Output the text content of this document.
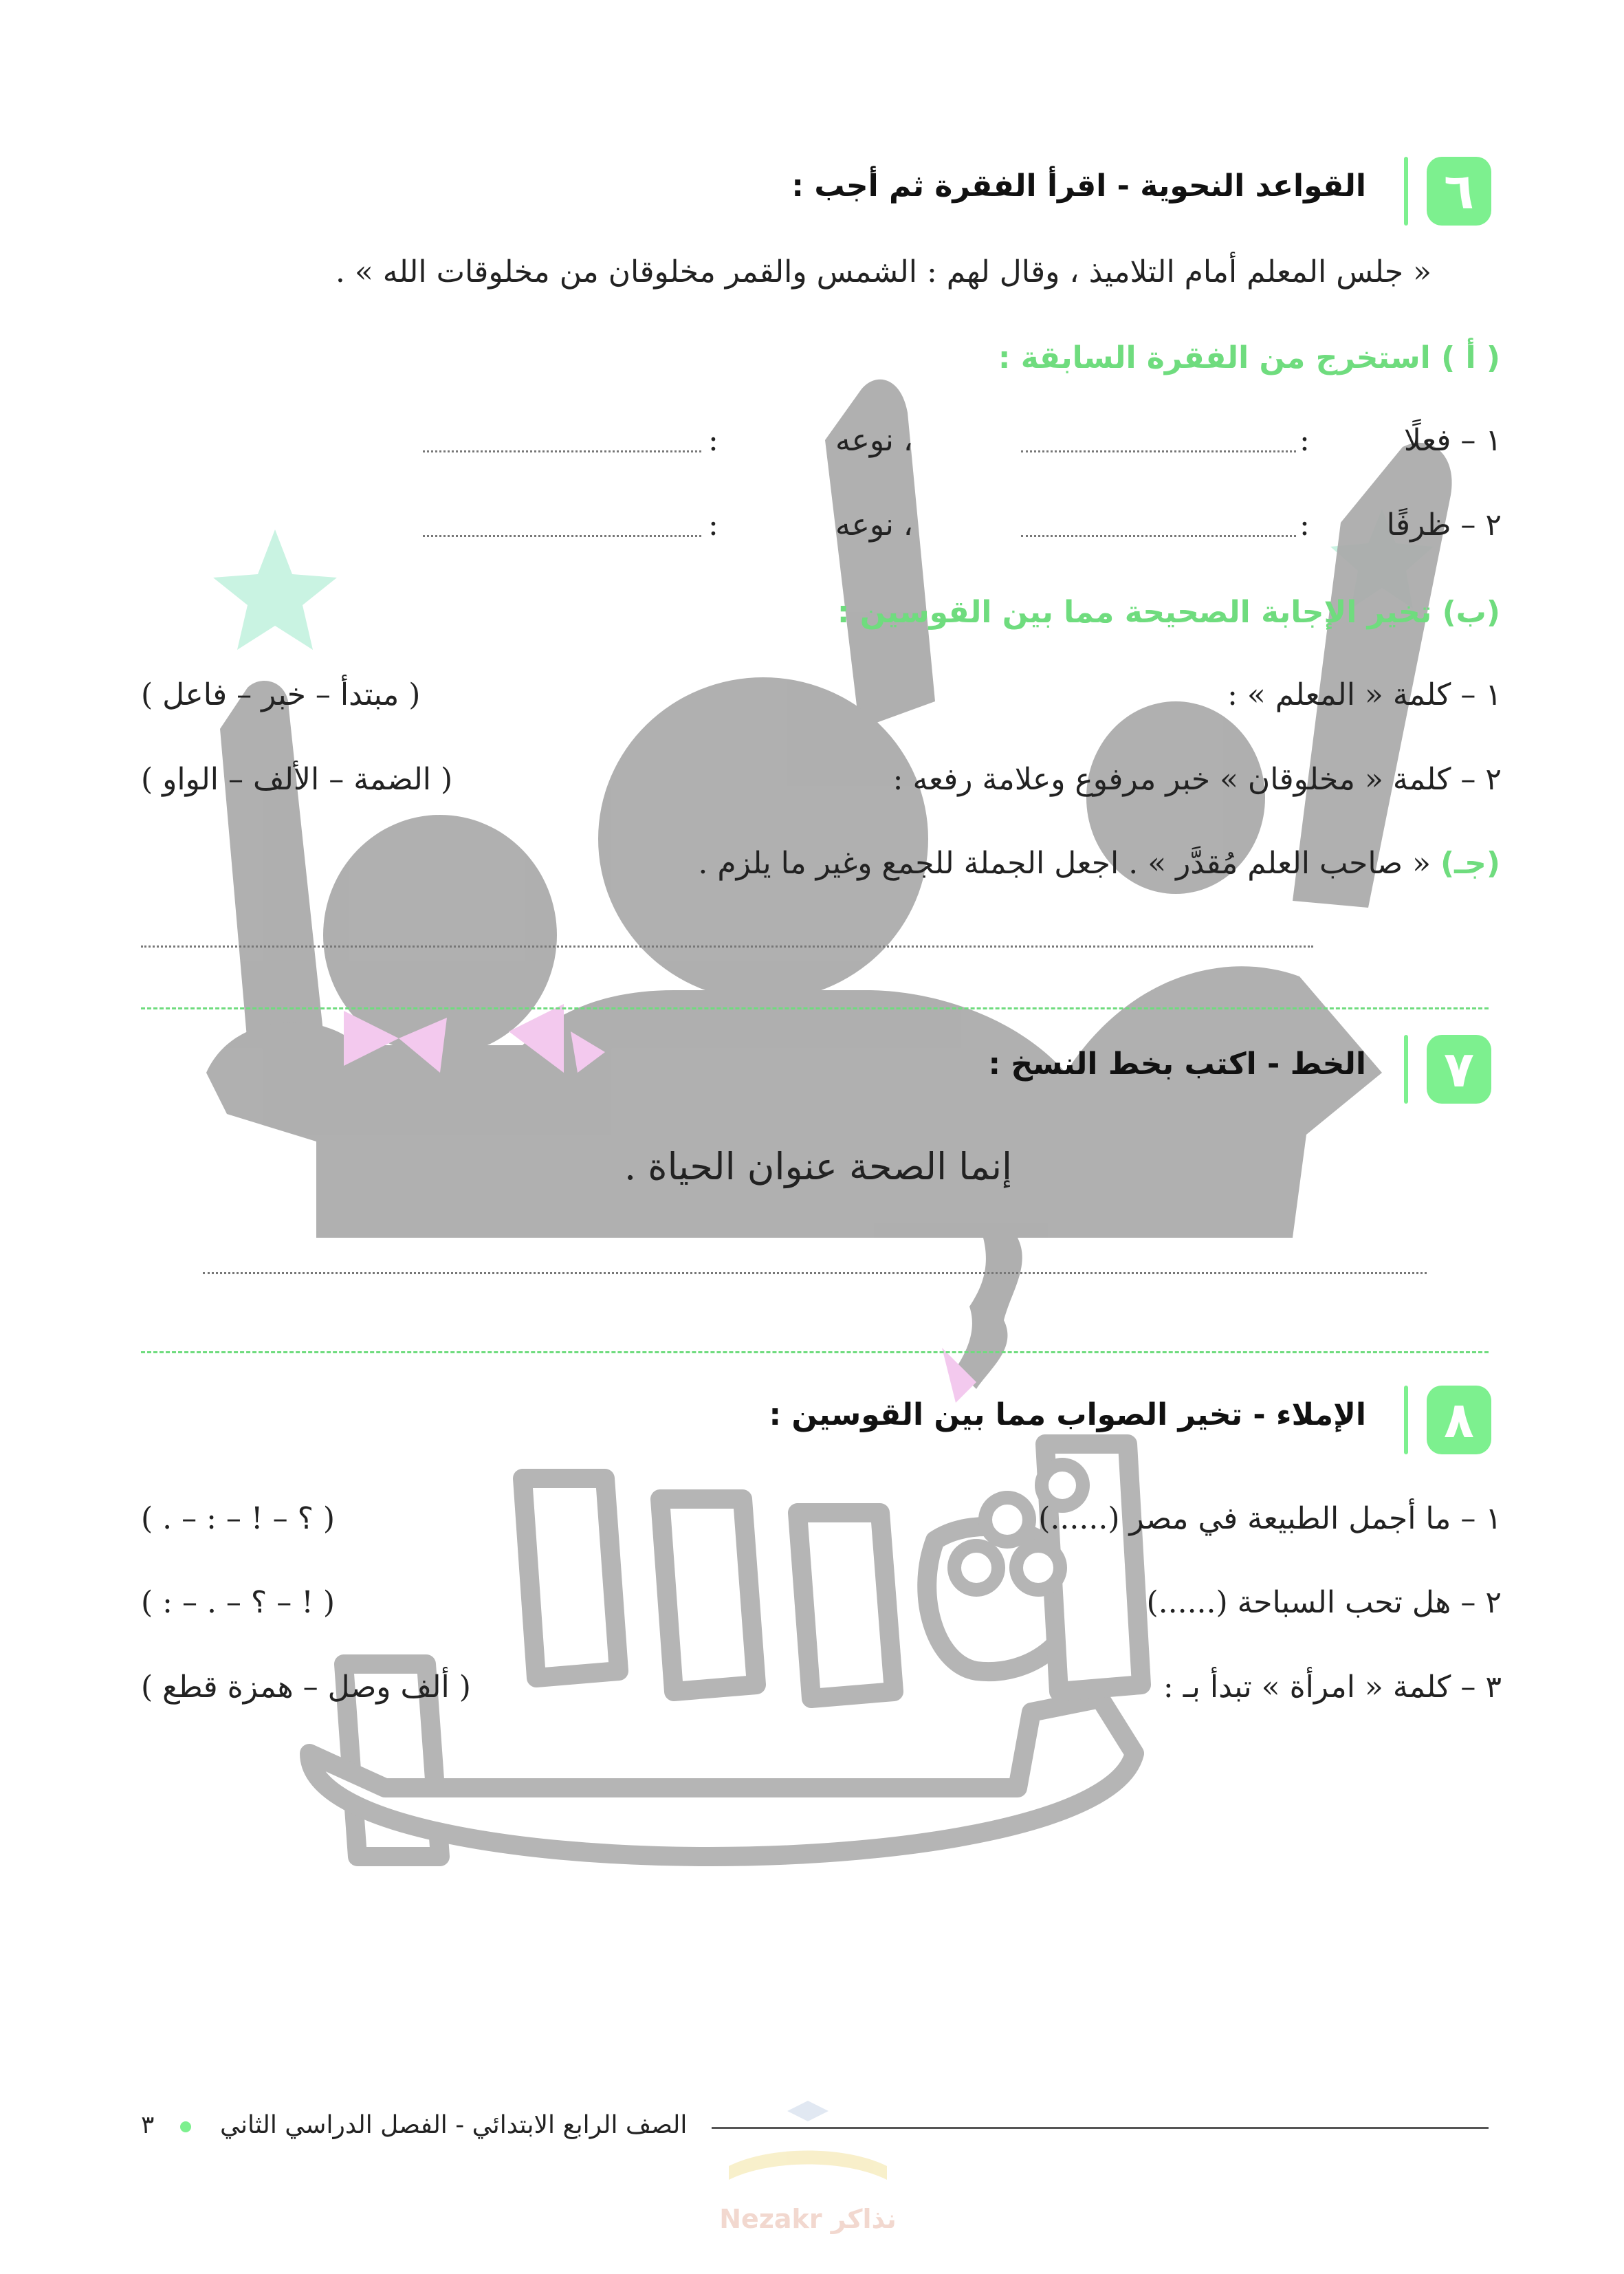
Nezakr نذاكر
٦
القواعد النحوية - اقرأ الفقرة ثم أجب :
« جلس المعلم أمام التلاميذ ، وقال لهم : الشمس والقمر مخلوقان من مخلوقات الله » .
( أ ) استخرج من الفقرة السابقة :
١ – فعلًا
:
، نوعه
:
٢ – ظرفًا
:
، نوعه
:
(ب) تخير الإجابة الصحيحة مما بين القوسين :
١ – كلمة « المعلم » :
( مبتدأ – خبر – فاعل )
٢ – كلمة « مخلوقان » خبر مرفوع وعلامة رفعه :
( الضمة – الألف – الواو )
(جـ) « صاحب العلم مُقدَّر » . اجعل الجملة للجمع وغير ما يلزم .
٧
الخط - اكتب بخط النسخ :
إنما الصحة عنوان الحياة .
٨
الإملاء - تخير الصواب مما بين القوسين :
١ – ما أجمل الطبيعة في مصر (......)
( ؟ – ! – : – . )
٢ – هل تحب السباحة (......)
( ! – ؟ – . – : )
٣ – كلمة « امرأة » تبدأ بـ :
( ألف وصل – همزة قطع )
الصف الرابع الابتدائي - الفصل الدراسي الثاني
٣
